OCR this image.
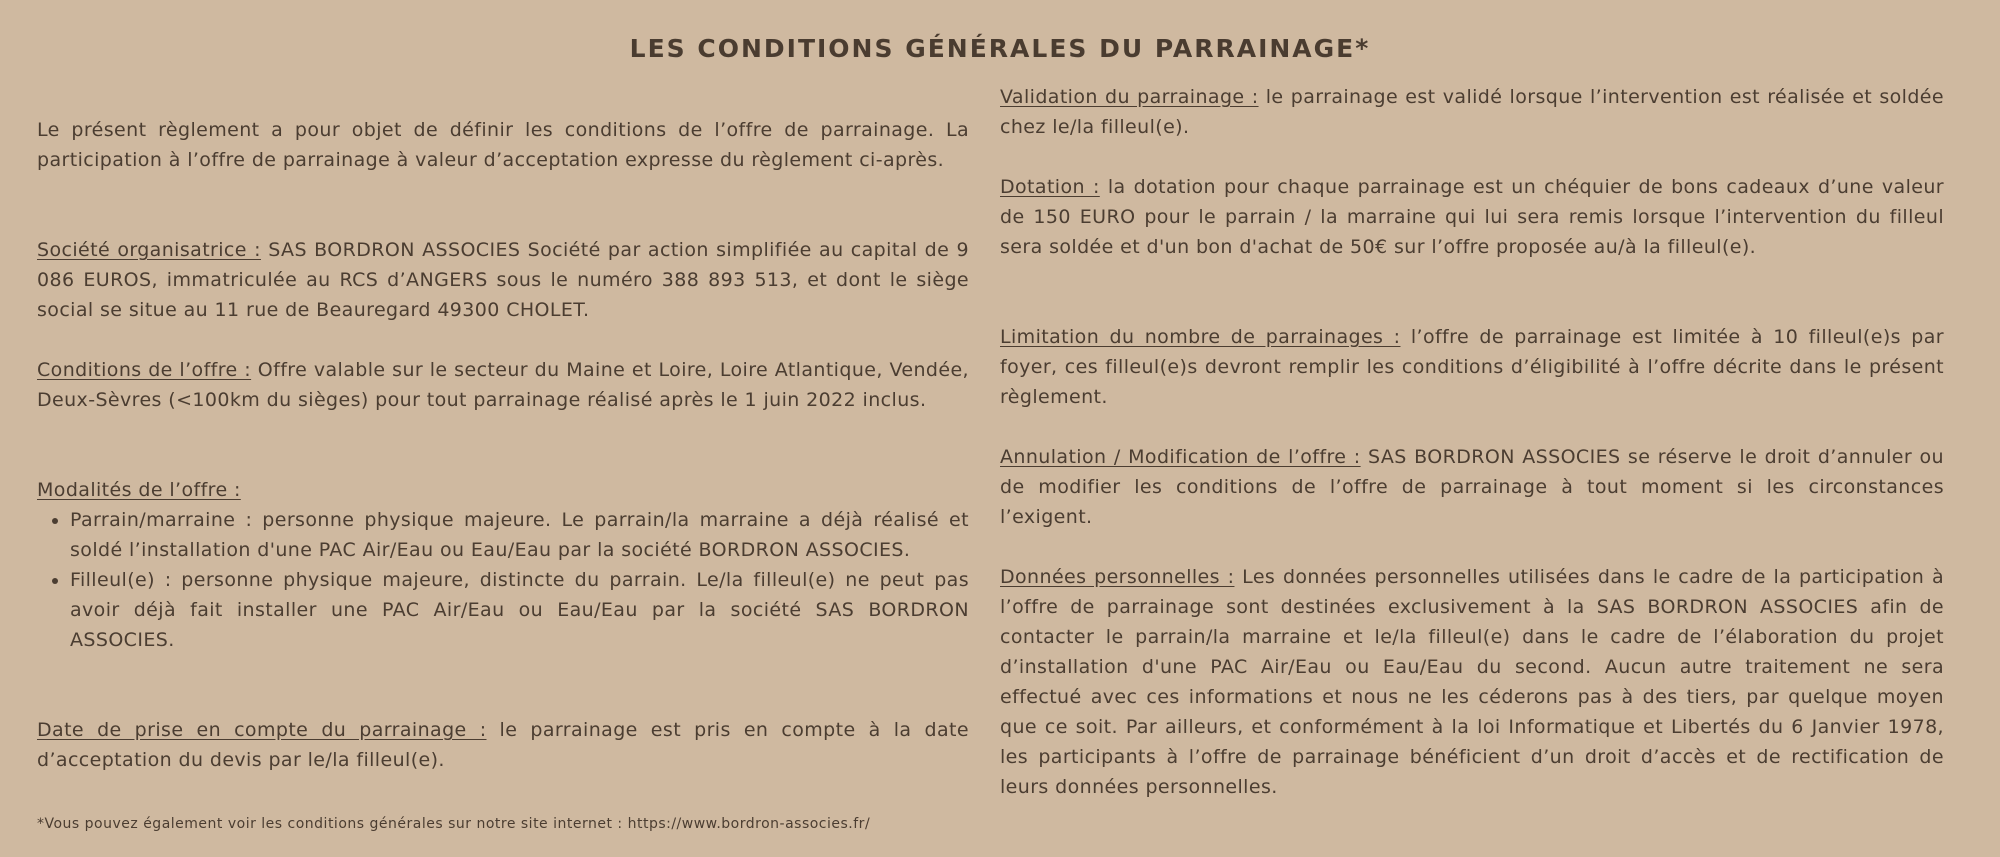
LES CONDITIONS GÉNÉRALES DU PARRAINAGE*

Le présent règlement a pour objet de définir les conditions de l’offre de parrainage. La participation à l’offre de parrainage à valeur d’acceptation expresse du règlement ci-après.

Société organisatrice : SAS BORDRON ASSOCIES Société par action simplifiée au capital de 9 086 EUROS, immatriculée au RCS d’ANGERS sous le numéro 388 893 513, et dont le siège social se situe au 11 rue de Beauregard 49300 CHOLET.

Conditions de l’offre : Offre valable sur le secteur du Maine et Loire, Loire Atlantique, Vendée, Deux-Sèvres (<100km du sièges) pour tout parrainage réalisé après le 1 juin 2022 inclus.

Modalités de l’offre :

• Parrain/marraine : personne physique majeure. Le parrain/la marraine a déjà réalisé et soldé l’installation d'une PAC Air/Eau ou Eau/Eau par la société BORDRON ASSOCIES.
• Filleul(e) : personne physique majeure, distincte du parrain. Le/la filleul(e) ne peut pas avoir déjà fait installer une PAC Air/Eau ou Eau/Eau par la société SAS BORDRON ASSOCIES.

Date de prise en compte du parrainage : le parrainage est pris en compte à la date d’acceptation du devis par le/la filleul(e).

Validation du parrainage : le parrainage est validé lorsque l’intervention est réalisée et soldée chez le/la filleul(e).

Dotation : la dotation pour chaque parrainage est un chéquier de bons cadeaux d’une valeur de 150 EURO pour le parrain / la marraine qui lui sera remis lorsque l’intervention du filleul sera soldée et d'un bon d'achat de 50€ sur l’offre proposée au/à la filleul(e).

Limitation du nombre de parrainages : l’offre de parrainage est limitée à 10 filleul(e)s par foyer, ces filleul(e)s devront remplir les conditions d’éligibilité à l’offre décrite dans le présent règlement.

Annulation / Modification de l’offre : SAS BORDRON ASSOCIES se réserve le droit d’annuler ou de modifier les conditions de l’offre de parrainage à tout moment si les circonstances l’exigent.

Données personnelles : Les données personnelles utilisées dans le cadre de la participation à l’offre de parrainage sont destinées exclusivement à la SAS BORDRON ASSOCIES afin de contacter le parrain/la marraine et le/la filleul(e) dans le cadre de l’élaboration du projet d’installation d'une PAC Air/Eau ou Eau/Eau du second. Aucun autre traitement ne sera effectué avec ces informations et nous ne les céderons pas à des tiers, par quelque moyen que ce soit. Par ailleurs, et conformément à la loi Informatique et Libertés du 6 Janvier 1978, les participants à l’offre de parrainage bénéficient d’un droit d’accès et de rectification de leurs données personnelles.

*Vous pouvez également voir les conditions générales sur notre site internet : https://www.bordron-associes.fr/
